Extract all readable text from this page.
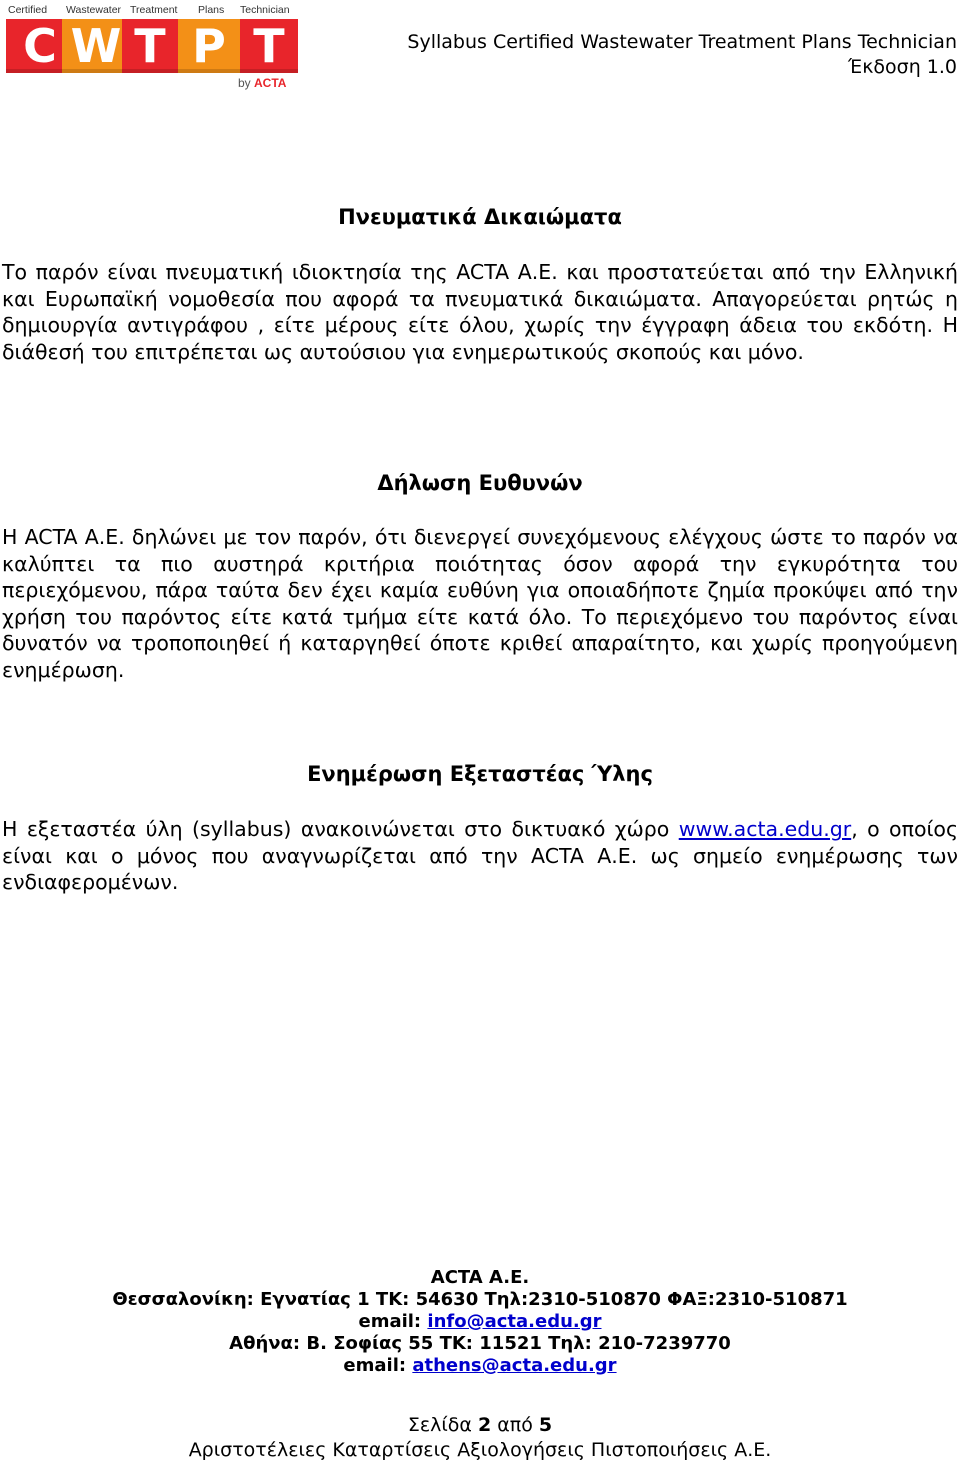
Certified Wastewater Treatment Plans Technician
C W T P T
by ACTA
Syllabus Certified Wastewater Treatment Plans Technician
Έκδοση 1.0
Πνευματικά Δικαιώματα

Το παρόν είναι πνευματική ιδιοκτησία της ACTA Α.Ε. και προστατεύεται από την Ελληνική και Ευρωπαϊκή νομοθεσία που αφορά τα πνευματικά δικαιώματα. Απαγορεύεται ρητώς η δημιουργία αντιγράφου , είτε μέρους είτε όλου, χωρίς την έγγραφη άδεια του εκδότη. Η διάθεσή του επιτρέπεται ως αυτούσιου για ενημερωτικούς σκοπούς και μόνο.

Δήλωση Ευθυνών

Η ACTA Α.Ε. δηλώνει με τον παρόν, ότι διενεργεί συνεχόμενους ελέγχους ώστε το παρόν να καλύπτει τα πιο αυστηρά κριτήρια ποιότητας όσον αφορά την εγκυρότητα του περιεχόμενου, πάρα ταύτα δεν έχει καμία ευθύνη για οποιαδήποτε ζημία προκύψει από την χρήση του παρόντος είτε κατά τμήμα είτε κατά όλο. Το περιεχόμενο του παρόντος είναι δυνατόν να τροποποιηθεί ή καταργηθεί όποτε κριθεί απαραίτητο, και χωρίς προηγούμενη ενημέρωση.

Ενημέρωση Εξεταστέας Ύλης

Η εξεταστέα ύλη (syllabus) ανακοινώνεται στο δικτυακό χώρο www.acta.edu.gr, ο οποίος είναι και ο μόνος που αναγνωρίζεται από την ACTA Α.Ε. ως σημείο ενημέρωσης των ενδιαφερομένων.

ACTA A.E.
Θεσσαλονίκη: Εγνατίας 1 ΤΚ: 54630 Τηλ:2310-510870 ΦΑΞ:2310-510871
email: info@acta.edu.gr
Αθήνα: Β. Σοφίας 55 ΤΚ: 11521 Τηλ: 210-7239770
email: athens@acta.edu.gr
Σελίδα 2 από 5
Αριστοτέλειες Καταρτίσεις Αξιολογήσεις Πιστοποιήσεις Α.Ε.
